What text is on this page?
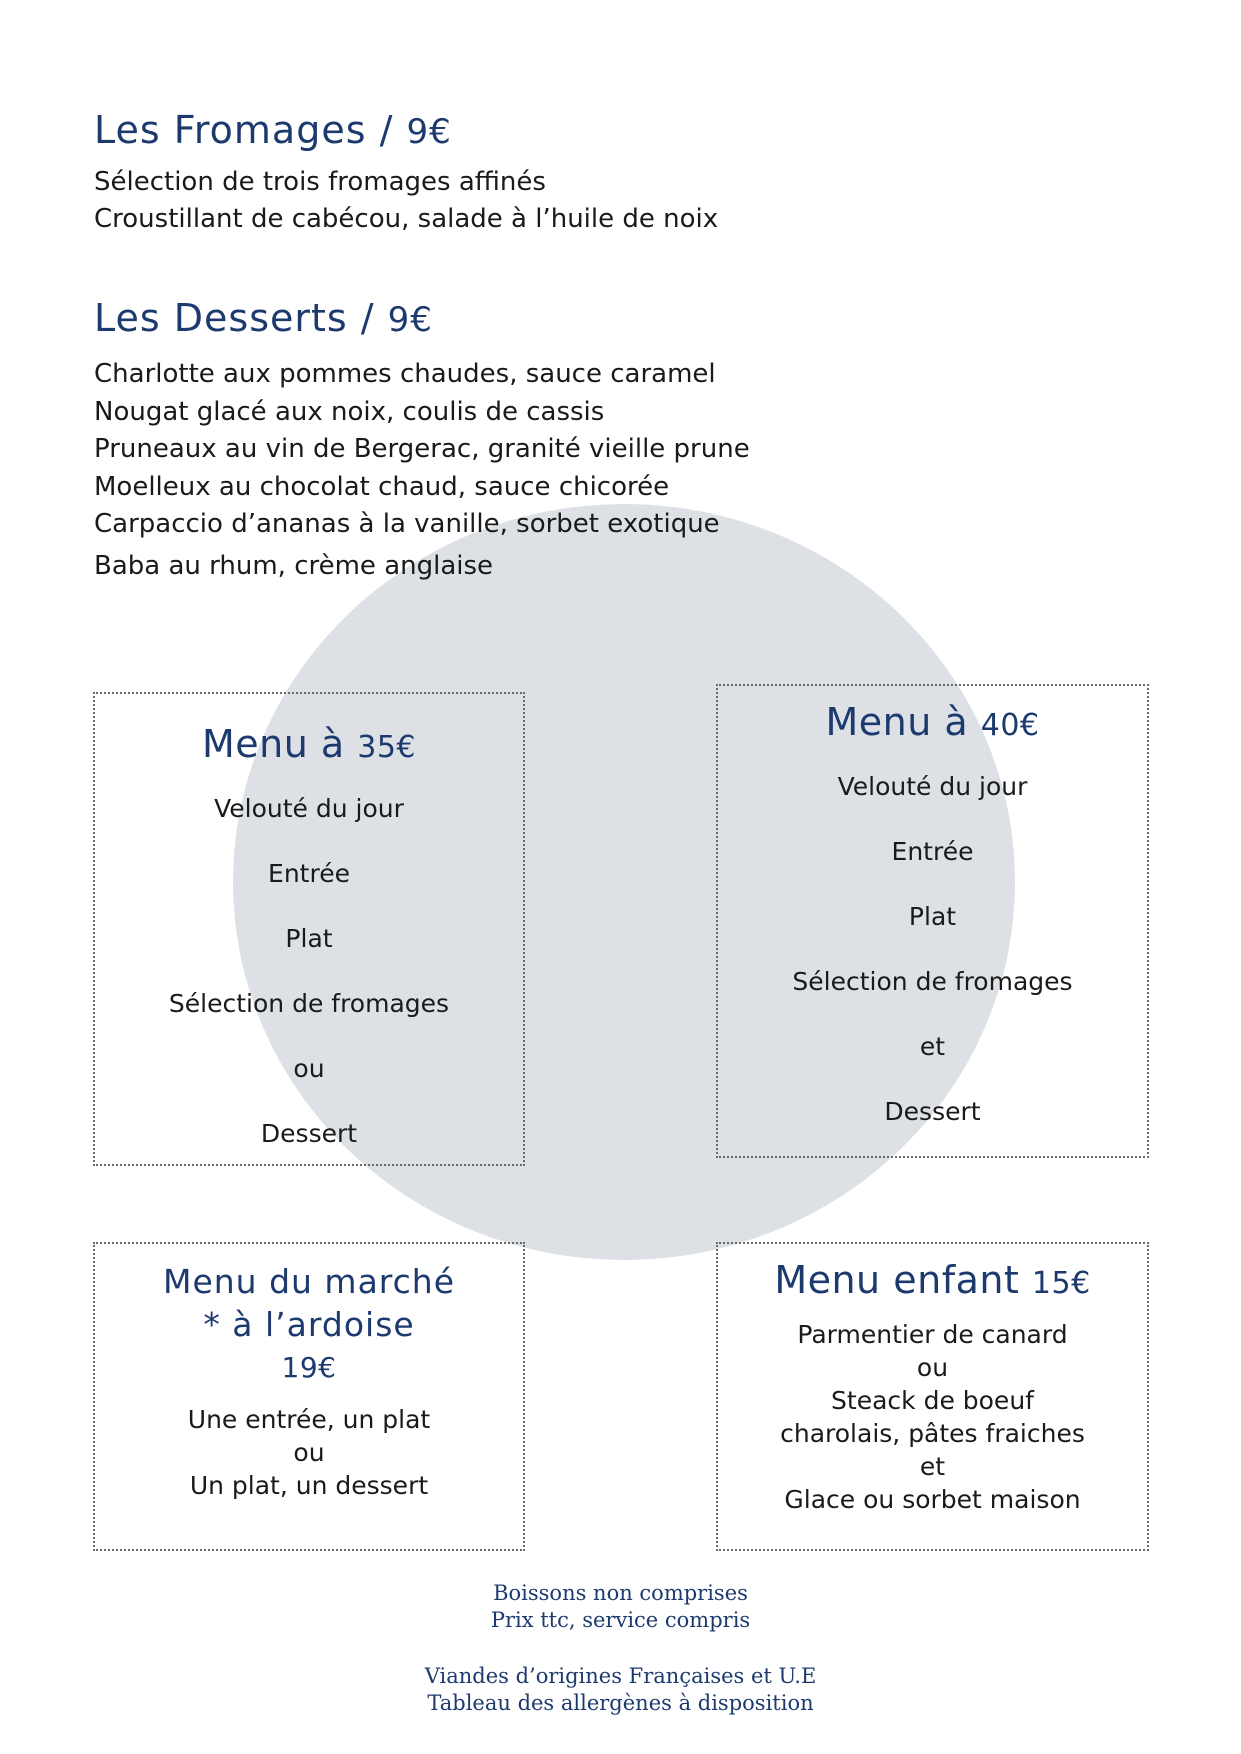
Les Fromages / 9€
Sélection de trois fromages affinés
Croustillant de cabécou, salade à l’huile de noix
Les Desserts / 9€
Charlotte aux pommes chaudes, sauce caramel
Nougat glacé aux noix, coulis de cassis
Pruneaux au vin de Bergerac, granité vieille prune
Moelleux au chocolat chaud, sauce chicorée
Carpaccio d’ananas à la vanille, sorbet exotique
Baba au rhum, crème anglaise
Menu à 35€
Velouté du jour
Entrée
Plat
Sélection de fromages
ou
Dessert
Menu à 40€
Velouté du jour
Entrée
Plat
Sélection de fromages
et
Dessert
Menu du marché
* à l’ardoise
19€
Une entrée, un plat
ou
Un plat, un dessert
Menu enfant 15€
Parmentier de canard
ou
Steack de boeuf
charolais, pâtes fraiches
et
Glace ou sorbet maison
Boissons non comprises
Prix ttc, service compris
Viandes d’origines Françaises et U.E
Tableau des allergènes à disposition
